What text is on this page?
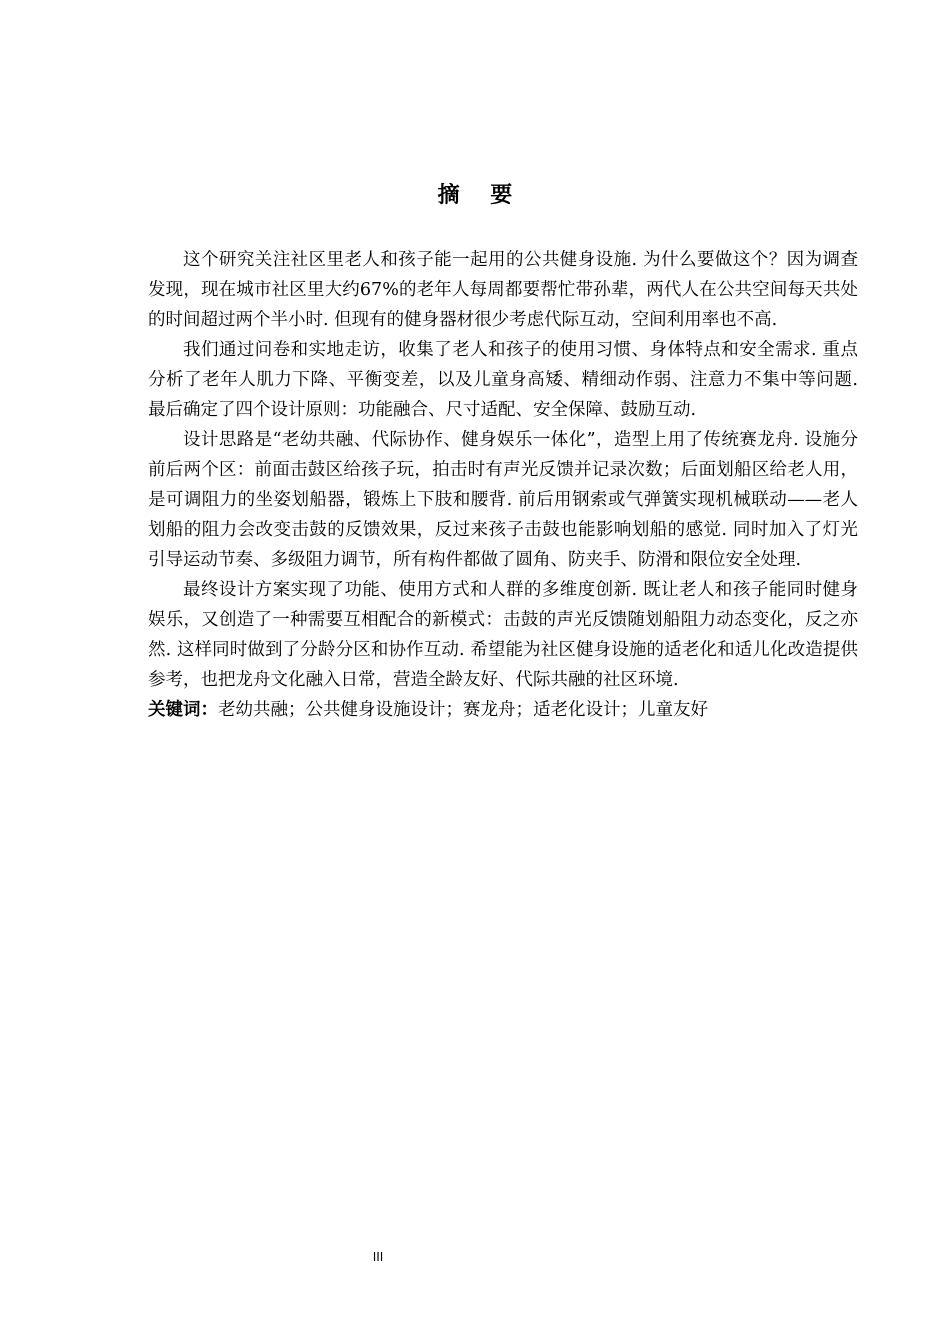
摘    要

这个研究关注社区里老人和孩子能一起用的公共健身设施. 为什么要做这个？因为调查发现，现在城市社区里大约67%的老年人每周都要帮忙带孙辈，两代人在公共空间每天共处的时间超过两个半小时. 但现有的健身器材很少考虑代际互动，空间利用率也不高.

我们通过问卷和实地走访，收集了老人和孩子的使用习惯、身体特点和安全需求. 重点分析了老年人肌力下降、平衡变差，以及儿童身高矮、精细动作弱、注意力不集中等问题. 最后确定了四个设计原则：功能融合、尺寸适配、安全保障、鼓励互动.

设计思路是“老幼共融、代际协作、健身娱乐一体化”，造型上用了传统赛龙舟. 设施分前后两个区：前面击鼓区给孩子玩，拍击时有声光反馈并记录次数；后面划船区给老人用，是可调阻力的坐姿划船器，锻炼上下肢和腰背. 前后用钢索或气弹簧实现机械联动——老人划船的阻力会改变击鼓的反馈效果，反过来孩子击鼓也能影响划船的感觉. 同时加入了灯光引导运动节奏、多级阻力调节，所有构件都做了圆角、防夹手、防滑和限位安全处理.

最终设计方案实现了功能、使用方式和人群的多维度创新. 既让老人和孩子能同时健身娱乐，又创造了一种需要互相配合的新模式：击鼓的声光反馈随划船阻力动态变化，反之亦然. 这样同时做到了分龄分区和协作互动. 希望能为社区健身设施的适老化和适儿化改造提供参考，也把龙舟文化融入日常，营造全龄友好、代际共融的社区环境.

关键词：老幼共融；公共健身设施设计；赛龙舟；适老化设计；儿童友好
III
